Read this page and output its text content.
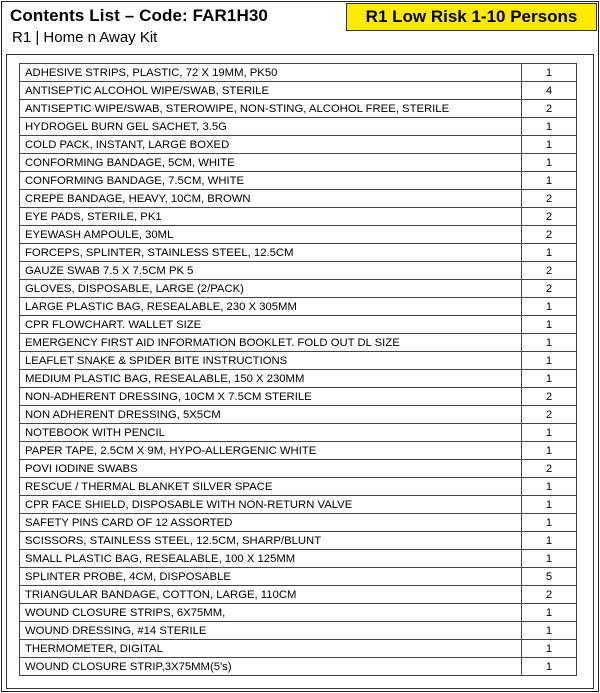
Contents List – Code: FAR1H30
R1 | Home n Away Kit
R1 Low Risk 1-10 Persons
ADHESIVE STRIPS, PLASTIC, 72 X 19MM, PK50	1
ANTISEPTIC ALCOHOL WIPE/SWAB, STERILE	4
ANTISEPTIC WIPE/SWAB, STEROWIPE, NON-STING, ALCOHOL FREE, STERILE	2
HYDROGEL BURN GEL SACHET, 3.5G	1
COLD PACK, INSTANT, LARGE BOXED	1
CONFORMING BANDAGE, 5CM, WHITE	1
CONFORMING BANDAGE, 7.5CM, WHITE	1
CREPE BANDAGE, HEAVY, 10CM, BROWN	2
EYE PADS, STERILE, PK1	2
EYEWASH AMPOULE, 30ML	2
FORCEPS, SPLINTER, STAINLESS STEEL, 12.5CM	1
GAUZE SWAB 7.5 X 7.5CM PK 5	2
GLOVES, DISPOSABLE, LARGE (2/PACK)	2
LARGE PLASTIC BAG, RESEALABLE, 230 X 305MM	1
CPR FLOWCHART. WALLET SIZE	1
EMERGENCY FIRST AID INFORMATION BOOKLET. FOLD OUT DL SIZE	1
LEAFLET SNAKE & SPIDER BITE INSTRUCTIONS	1
MEDIUM PLASTIC BAG, RESEALABLE, 150 X 230MM	1
NON-ADHERENT DRESSING, 10CM X 7.5CM STERILE	2
NON ADHERENT DRESSING, 5X5CM	2
NOTEBOOK WITH PENCIL	1
PAPER TAPE, 2.5CM X 9M, HYPO-ALLERGENIC WHITE	1
POVI IODINE SWABS	2
RESCUE / THERMAL BLANKET SILVER SPACE	1
CPR FACE SHIELD, DISPOSABLE WITH NON-RETURN VALVE	1
SAFETY PINS CARD OF 12 ASSORTED	1
SCISSORS, STAINLESS STEEL, 12.5CM, SHARP/BLUNT	1
SMALL PLASTIC BAG, RESEALABLE, 100 X 125MM	1
SPLINTER PROBE, 4CM, DISPOSABLE	5
TRIANGULAR BANDAGE, COTTON, LARGE, 110CM	2
WOUND CLOSURE STRIPS, 6X75MM,	1
WOUND DRESSING, #14 STERILE	1
THERMOMETER, DIGITAL	1
WOUND CLOSURE STRIP,3X75MM(5's)	1
